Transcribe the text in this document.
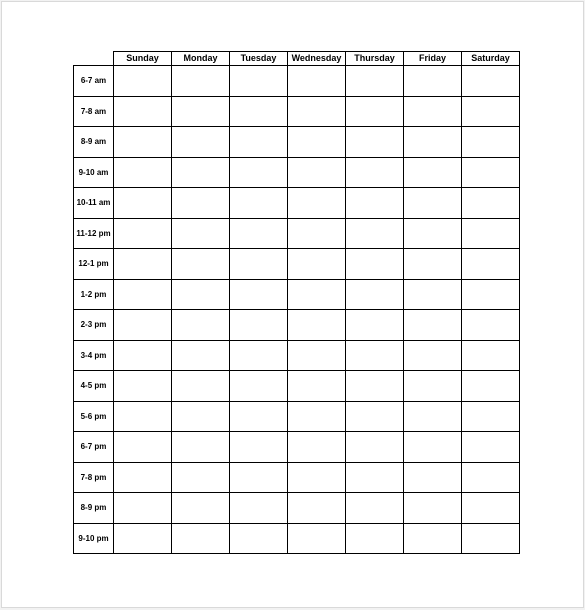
	Sunday	Monday	Tuesday	Wednesday	Thursday	Friday	Saturday
6-7 am							
7-8 am							
8-9 am							
9-10 am							
10-11 am							
11-12 pm							
12-1 pm							
1-2 pm							
2-3 pm							
3-4 pm							
4-5 pm							
5-6 pm							
6-7 pm							
7-8 pm							
8-9 pm							
9-10 pm							
